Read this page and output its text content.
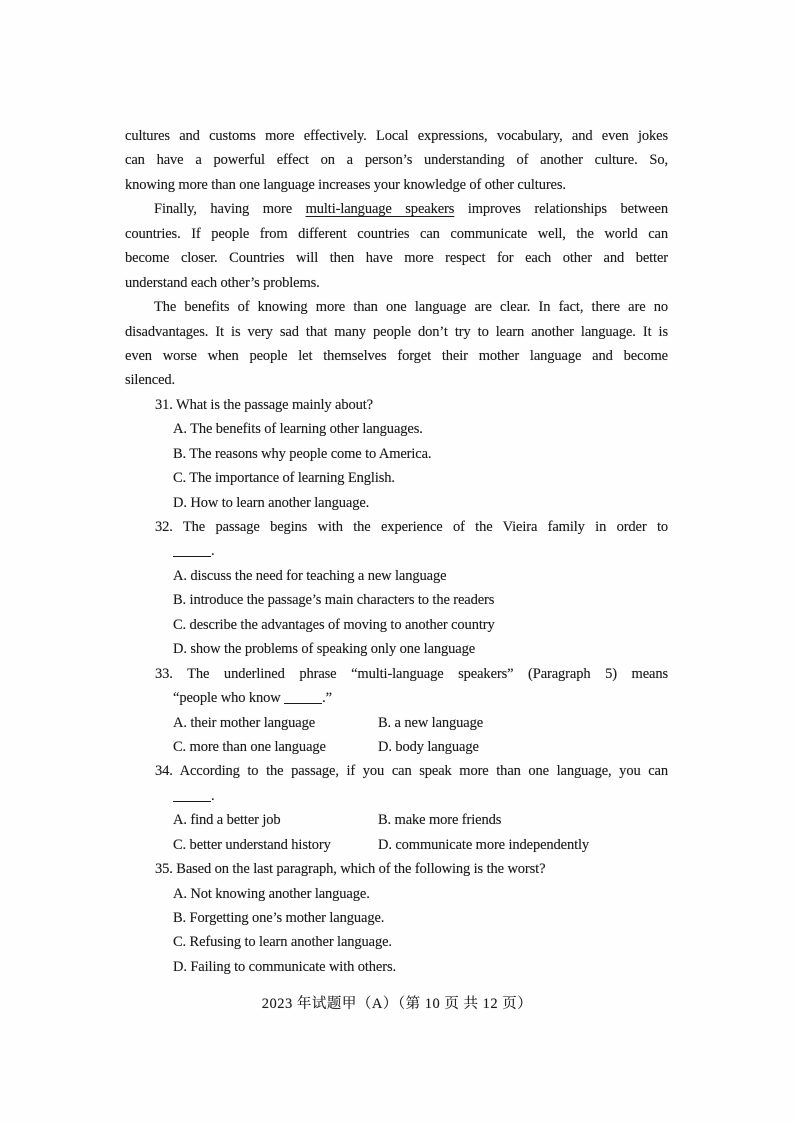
cultures and customs more effectively. Local expressions, vocabulary, and even jokes
can have a powerful effect on a person’s understanding of another culture. So,
knowing more than one language increases your knowledge of other cultures.
Finally, having more multi-language speakers improves relationships between
countries. If people from different countries can communicate well, the world can
become closer. Countries will then have more respect for each other and better
understand each other’s problems.
The benefits of knowing more than one language are clear. In fact, there are no
disadvantages. It is very sad that many people don’t try to learn another language. It is
even worse when people let themselves forget their mother language and become
silenced.
31. What is the passage mainly about?
A. The benefits of learning other languages.
B. The reasons why people come to America.
C. The importance of learning English.
D. How to learn another language.
32. The passage begins with the experience of the Vieira family in order to
.
A. discuss the need for teaching a new language
B. introduce the passage’s main characters to the readers
C. describe the advantages of moving to another country
D. show the problems of speaking only one language
33. The underlined phrase “multi-language speakers” (Paragraph 5) means
“people who know	.”
A. their mother language	B. a new language
C. more than one language	D. body language
34. According to the passage, if you can speak more than one language, you can
.
A. find a better job	B. make more friends
C. better understand history	D. communicate more independently
35. Based on the last paragraph, which of the following is the worst?
A. Not knowing another language.
B. Forgetting one’s mother language.
C. Refusing to learn another language.
D. Failing to communicate with others.
2023 年试题甲（A）（第 10 页 共 12 页）
